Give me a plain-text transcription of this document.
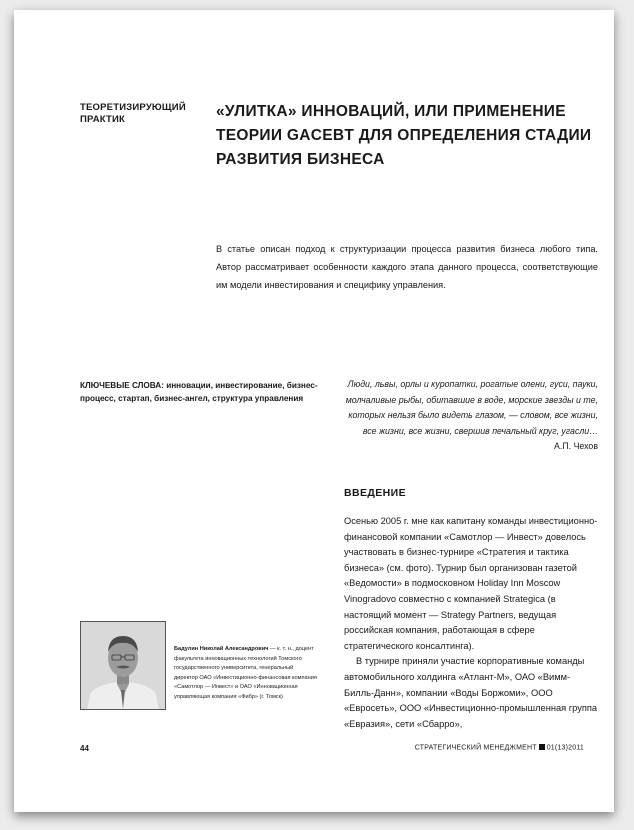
ТЕОРЕТИЗИРУЮЩИЙ
ПРАКТИК	«УЛИТКА» ИННОВАЦИЙ, ИЛИ ПРИМЕНЕНИЕ
ТЕОРИИ GACEBT ДЛЯ ОПРЕДЕЛЕНИЯ СТАДИИ
РАЗВИТИЯ БИЗНЕСА
В статье описан подход к структуризации процесса развития бизнеса любого типа. Автор рассматривает особенности каждого этапа данного процесса, соответствующие им модели инвестирования и специфику управления.
КЛЮЧЕВЫЕ СЛОВА: инновации, инвестирование, бизнес-процесс, стартап, бизнес-ангел, структура управления
Люди, львы, орлы и куропатки, рогатые олени, гуси, пауки, молчаливые рыбы, обитавшие в воде, морские звезды и те, которых нельзя было видеть глазом, — словом, все жизни, все жизни, все жизни, свершив печальный круг, угасли…
А.П. Чехов
ВВЕДЕНИЕ

Осенью 2005 г. мне как капитану команды инвестиционно-финансовой компании «Самотлор — Инвест» довелось участвовать в бизнес-турнире «Стратегия и тактика бизнеса» (см. фото). Турнир был организован газетой «Ведомости» в подмосковном Holiday Inn Moscow Vinogradovo совместно с компанией Strategica (в настоящий момент — Strategy Partners, ведущая российская компания, работающая в сфере стратегического консалтинга).

В турнире приняли участие корпоративные команды автомобильного холдинга «Атлант-М», ОАО «Вимм-Билль-Данн», компании «Воды Боржоми», ООО «Евросеть», ООО «Инвестиционно-промышленная группа «Евразия», сети «Сбарро»,

Бадулин Николай Александрович — к. т. н., доцент факультета инновационных технологий Томского государственного университета, генеральный директор ОАО «Инвестиционно-финансовая компания «Самотлор — Инвест» и ОАО «Инновационная управляющая компания «Фибр» (г. Томск)
44	СТРАТЕГИЧЕСКИЙ МЕНЕДЖМЕНТ 01(13)2011
